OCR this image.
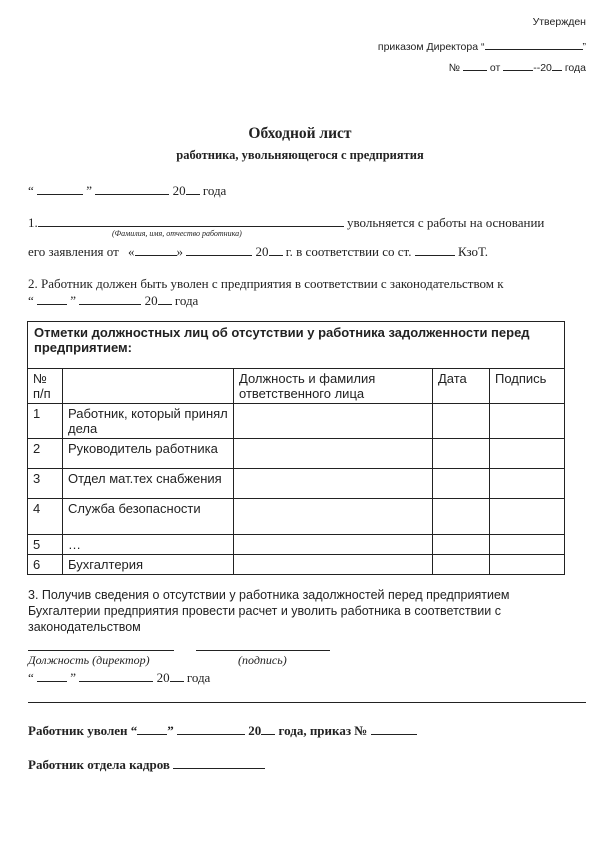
Утвержден
приказом Директора “	”
№	от	--20 года
Обходной лист
работника, увольняющегося с предприятия
“	”	20 года
1.	увольняется с работы на основании
(Фамилия, имя, отчество работника)
его заявления от «	»	20 г. в соответствии со ст.	КзоТ.
2. Работник должен быть уволен с предприятия в соответствии с законодательством к
“	”	20 года
Отметки должностных лиц об отсутствии у работника задолженности перед предприятием:				
№
п/п		Должность и фамилия ответственного лица	Дата	Подпись
1	Работник, который принял дела			
2	Руководитель работника			
3	Отдел мат.тех снабжения			
4	Служба безопасности			
5	…			
6	Бухгалтерия			
3. Получив сведения о отсутствии у работника задолжностей перед предприятием
Бухгалтерии предприятия провести расчет и уволить работника в соответствии с
законодательством
Должность (директор)	(подпись)
“	”	20 года
Работник уволен “ ”	20 года, приказ №
Работник отдела кадров
